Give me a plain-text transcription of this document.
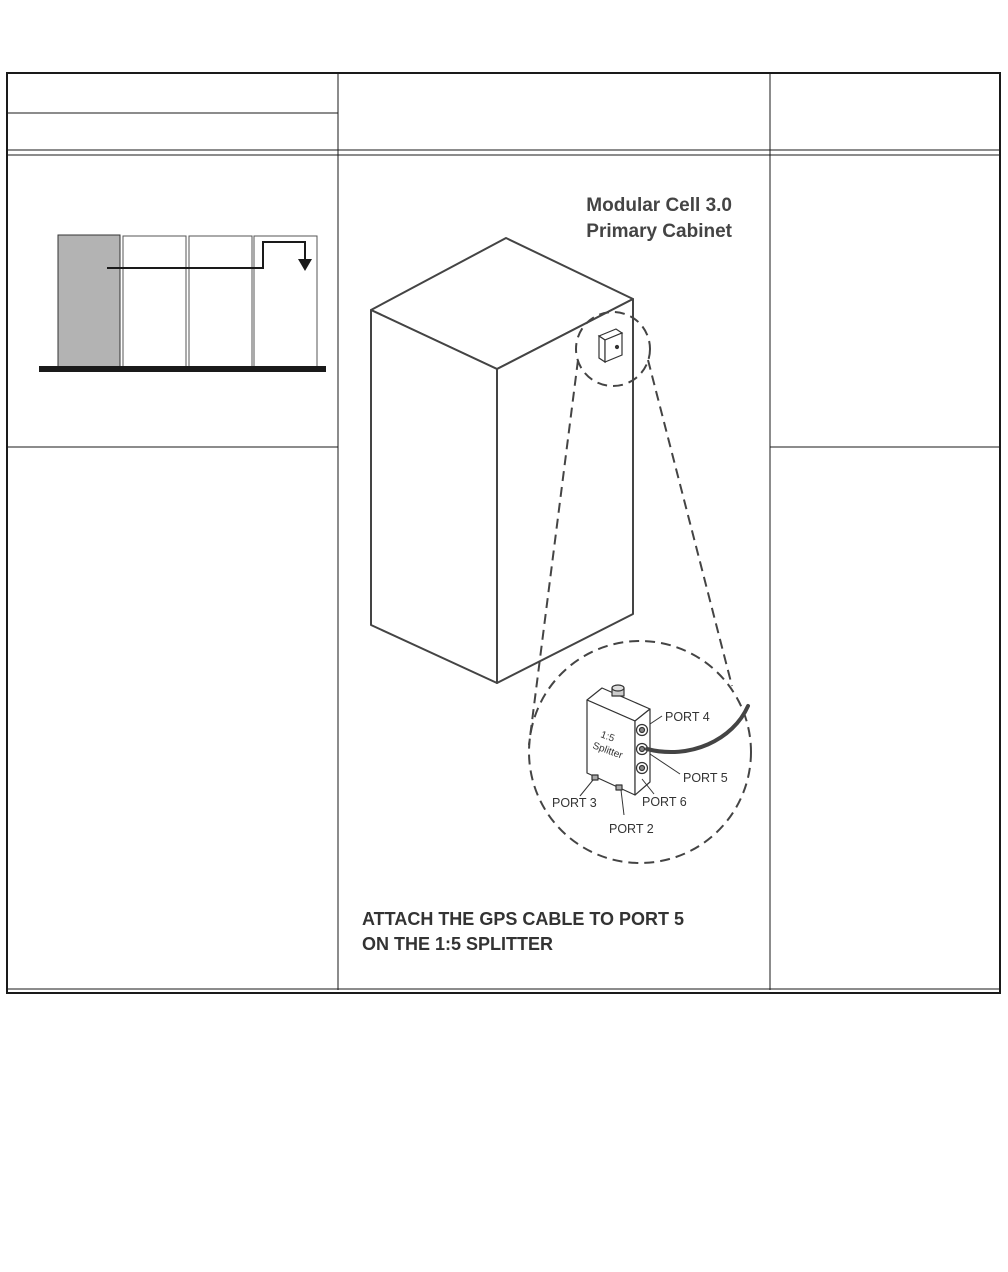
1:5
Splitter
PORT 4
PORT 5
PORT 6
PORT 3
PORT 2
Modular Cell 3.0
Primary Cabinet
ATTACH THE GPS CABLE TO PORT 5
ON THE 1:5 SPLITTER
